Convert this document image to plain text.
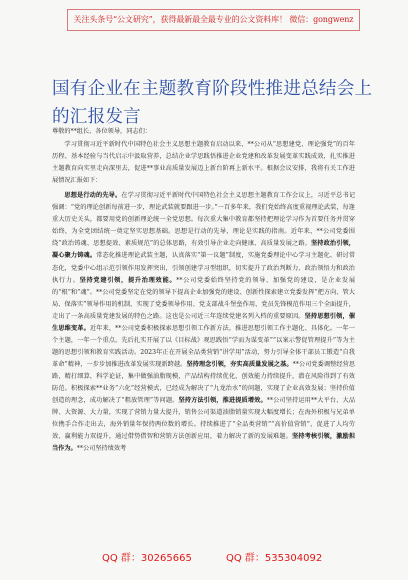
关注头条号“公文研究”，获得最新最全最专业的公文资料库！ 微信：gongwenz
国有企业在主题教育阶段性推进总结会上的汇报发言

尊敬的**组长、各位领导，同志们：

学习贯彻习近平新时代中国特色社会主义思想主题教育启动以来，**公司从“思想建党、理论强党”的百年历程、基本经验与当代启示中汲取营养，总结企业学思践悟推进企业党建和改革发展变革实践成效，扎实推进主题教育向实里走向深里去，促进**事业高质量发展迈上新台阶再上新水平。根据会议安排，我将有关工作进展情况汇报如下：

思想是行动的先导。在学习贯彻习近平新时代中国特色社会主义思想主题教育工作会议上，习近平总书记强调：“党的理论创新每前进一步，理论武装就要跟进一步。”一百多年来，我们党始终高度重视理论武装，每逢重大历史关头，都要用党的创新理论统一全党思想。每次重大集中教育都坚持把理论学习作为首要任务并贯穿始终，为全党团结统一奠定坚实思想基础。思想是行动的先导，理论是实践的指南。近年来，**公司党委围绕“政治铸魂、思想提效、素质规范”的总体思路，有效引导企业走向健康、高质量发展之路。坚持政治引领，凝心聚力铸魂。常态化推进理论武装主题，认真落实“第一议题”制度，实施党委理论中心学习主题化、研讨常态化，党委中心组示范引领作用发挥突出，引领创建学习型组织，切实提升了政治判断力、政治领悟力和政治执行力。坚持党建引领，提升治理效能。**公司党委始终坚持党的领导、加强党的建设，是企业发展的“根”和“魂”。**公司党委坚定在党的领导下提高企业加强党的建设、创新性探索建立党委发挥“把方向、管大局、保落实”领导作用的机制，实现了党委领导作用、党支部战斗堡垒作用、党员先锋模范作用三个全面提升，走出了一条高质量党建发展的特色之路。这也是公司近三年连续党建名列入档的重要原因。坚持思想引领，催生思维变革。近年来，**公司党委积极探索思想引领工作新方法，推进思想引领工作主题化、具体化。一年一个主题，一年一个重点。先后扎实开展了以《目标战》观思践悟“学而为谋变革”“以案示警促管理提升”等为主题的思想引领和教育实践活动。2023年正在开展全品类营销“讲学用”活动，努力引导全体干部员工锻造“自我革命”精神，一步步加推进改革发展实现新跨越。坚持理念引领，夯实高质量发展之基。**公司党委调整经营思路，精打细算，科学论证，集中做强油脂现模，产品结构持续优化，创效能力持续提升，潜在风险得到了有效防范。积极探索**业务“六化”经营模式，已经成为解决了“九龙治水”的问题，实现了企业高效发展；坚持价值创造的理念，成功解决了“粗放管理”等问题。坚持方法引领，推进提质增效。**公司坚持运用**大平台、大品牌、大资源、大力量，实现了营销力量大提升，销售公司渠道油脂销量实现大幅度增长；在海外积极与兄弟单位携手合作走出去，海外销量年保持两位数的增长。持续推进了“全品类营销”“高价值营销”，促进了人均劳效、赢利能力双提升，通过借势借智和营销方法创新应用，着力解决了新的发展难题。坚持考核引领，激励担当作为。**公司坚持绩效考

QQ 群：30265665	QQ 群：535304092
